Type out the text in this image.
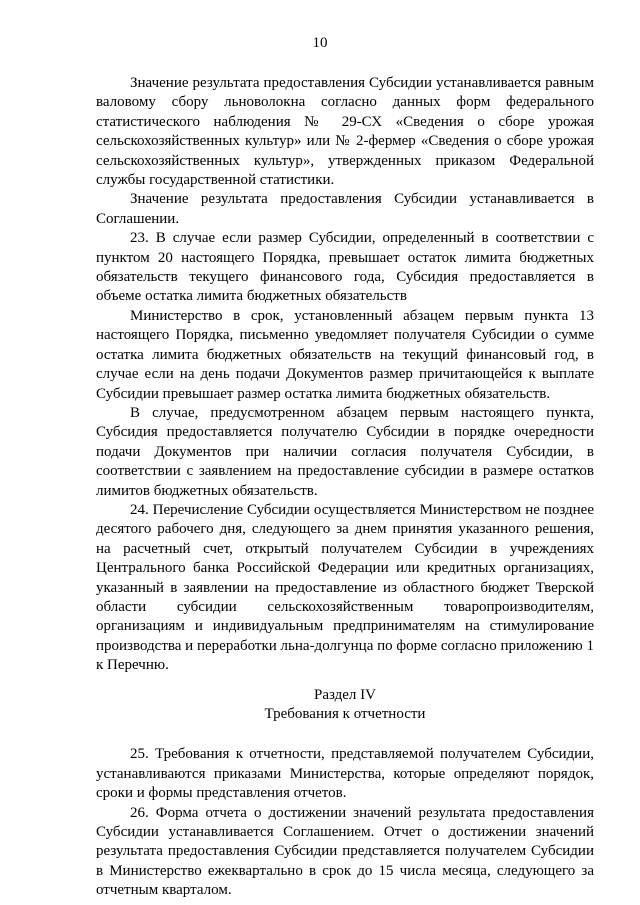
10

Значение результата предоставления Субсидии устанавливается равным валовому сбору льноволокна согласно данных форм федерального статистического наблюдения № 29-СХ «Сведения о сборе урожая сельскохозяйственных культур» или № 2-фермер «Сведения о сборе урожая сельскохозяйственных культур», утвержденных приказом Федеральной службы государственной статистики.

Значение результата предоставления Субсидии устанавливается в Соглашении.

23. В случае если размер Субсидии, определенный в соответствии с пунктом 20 настоящего Порядка, превышает остаток лимита бюджетных обязательств текущего финансового года, Субсидия предоставляется в объеме остатка лимита бюджетных обязательств

Министерство в срок, установленный абзацем первым пункта 13 настоящего Порядка, письменно уведомляет получателя Субсидии о сумме остатка лимита бюджетных обязательств на текущий финансовый год, в случае если на день подачи Документов размер причитающейся к выплате Субсидии превышает размер остатка лимита бюджетных обязательств.

В случае, предусмотренном абзацем первым настоящего пункта, Субсидия предоставляется получателю Субсидии в порядке очередности подачи Документов при наличии согласия получателя Субсидии, в соответствии с заявлением на предоставление субсидии в размере остатков лимитов бюджетных обязательств.

24. Перечисление Субсидии осуществляется Министерством не позднее десятого рабочего дня, следующего за днем принятия указанного решения, на расчетный счет, открытый получателем Субсидии в учреждениях Центрального банка Российской Федерации или кредитных организациях, указанный в заявлении на предоставление из областного бюджет Тверской области субсидии сельскохозяйственным товаропроизводителям, организациям и индивидуальным предпринимателям на стимулирование производства и переработки льна-долгунца по форме согласно приложению 1 к Перечню.

Раздел IV

Требования к отчетности

25. Требования к отчетности, представляемой получателем Субсидии, устанавливаются приказами Министерства, которые определяют порядок, сроки и формы представления отчетов.

26. Форма отчета о достижении значений результата предоставления Субсидии устанавливается Соглашением. Отчет о достижении значений результата предоставления Субсидии представляется получателем Субсидии в Министерство ежеквартально в срок до 15 числа месяца, следующего за отчетным кварталом.
